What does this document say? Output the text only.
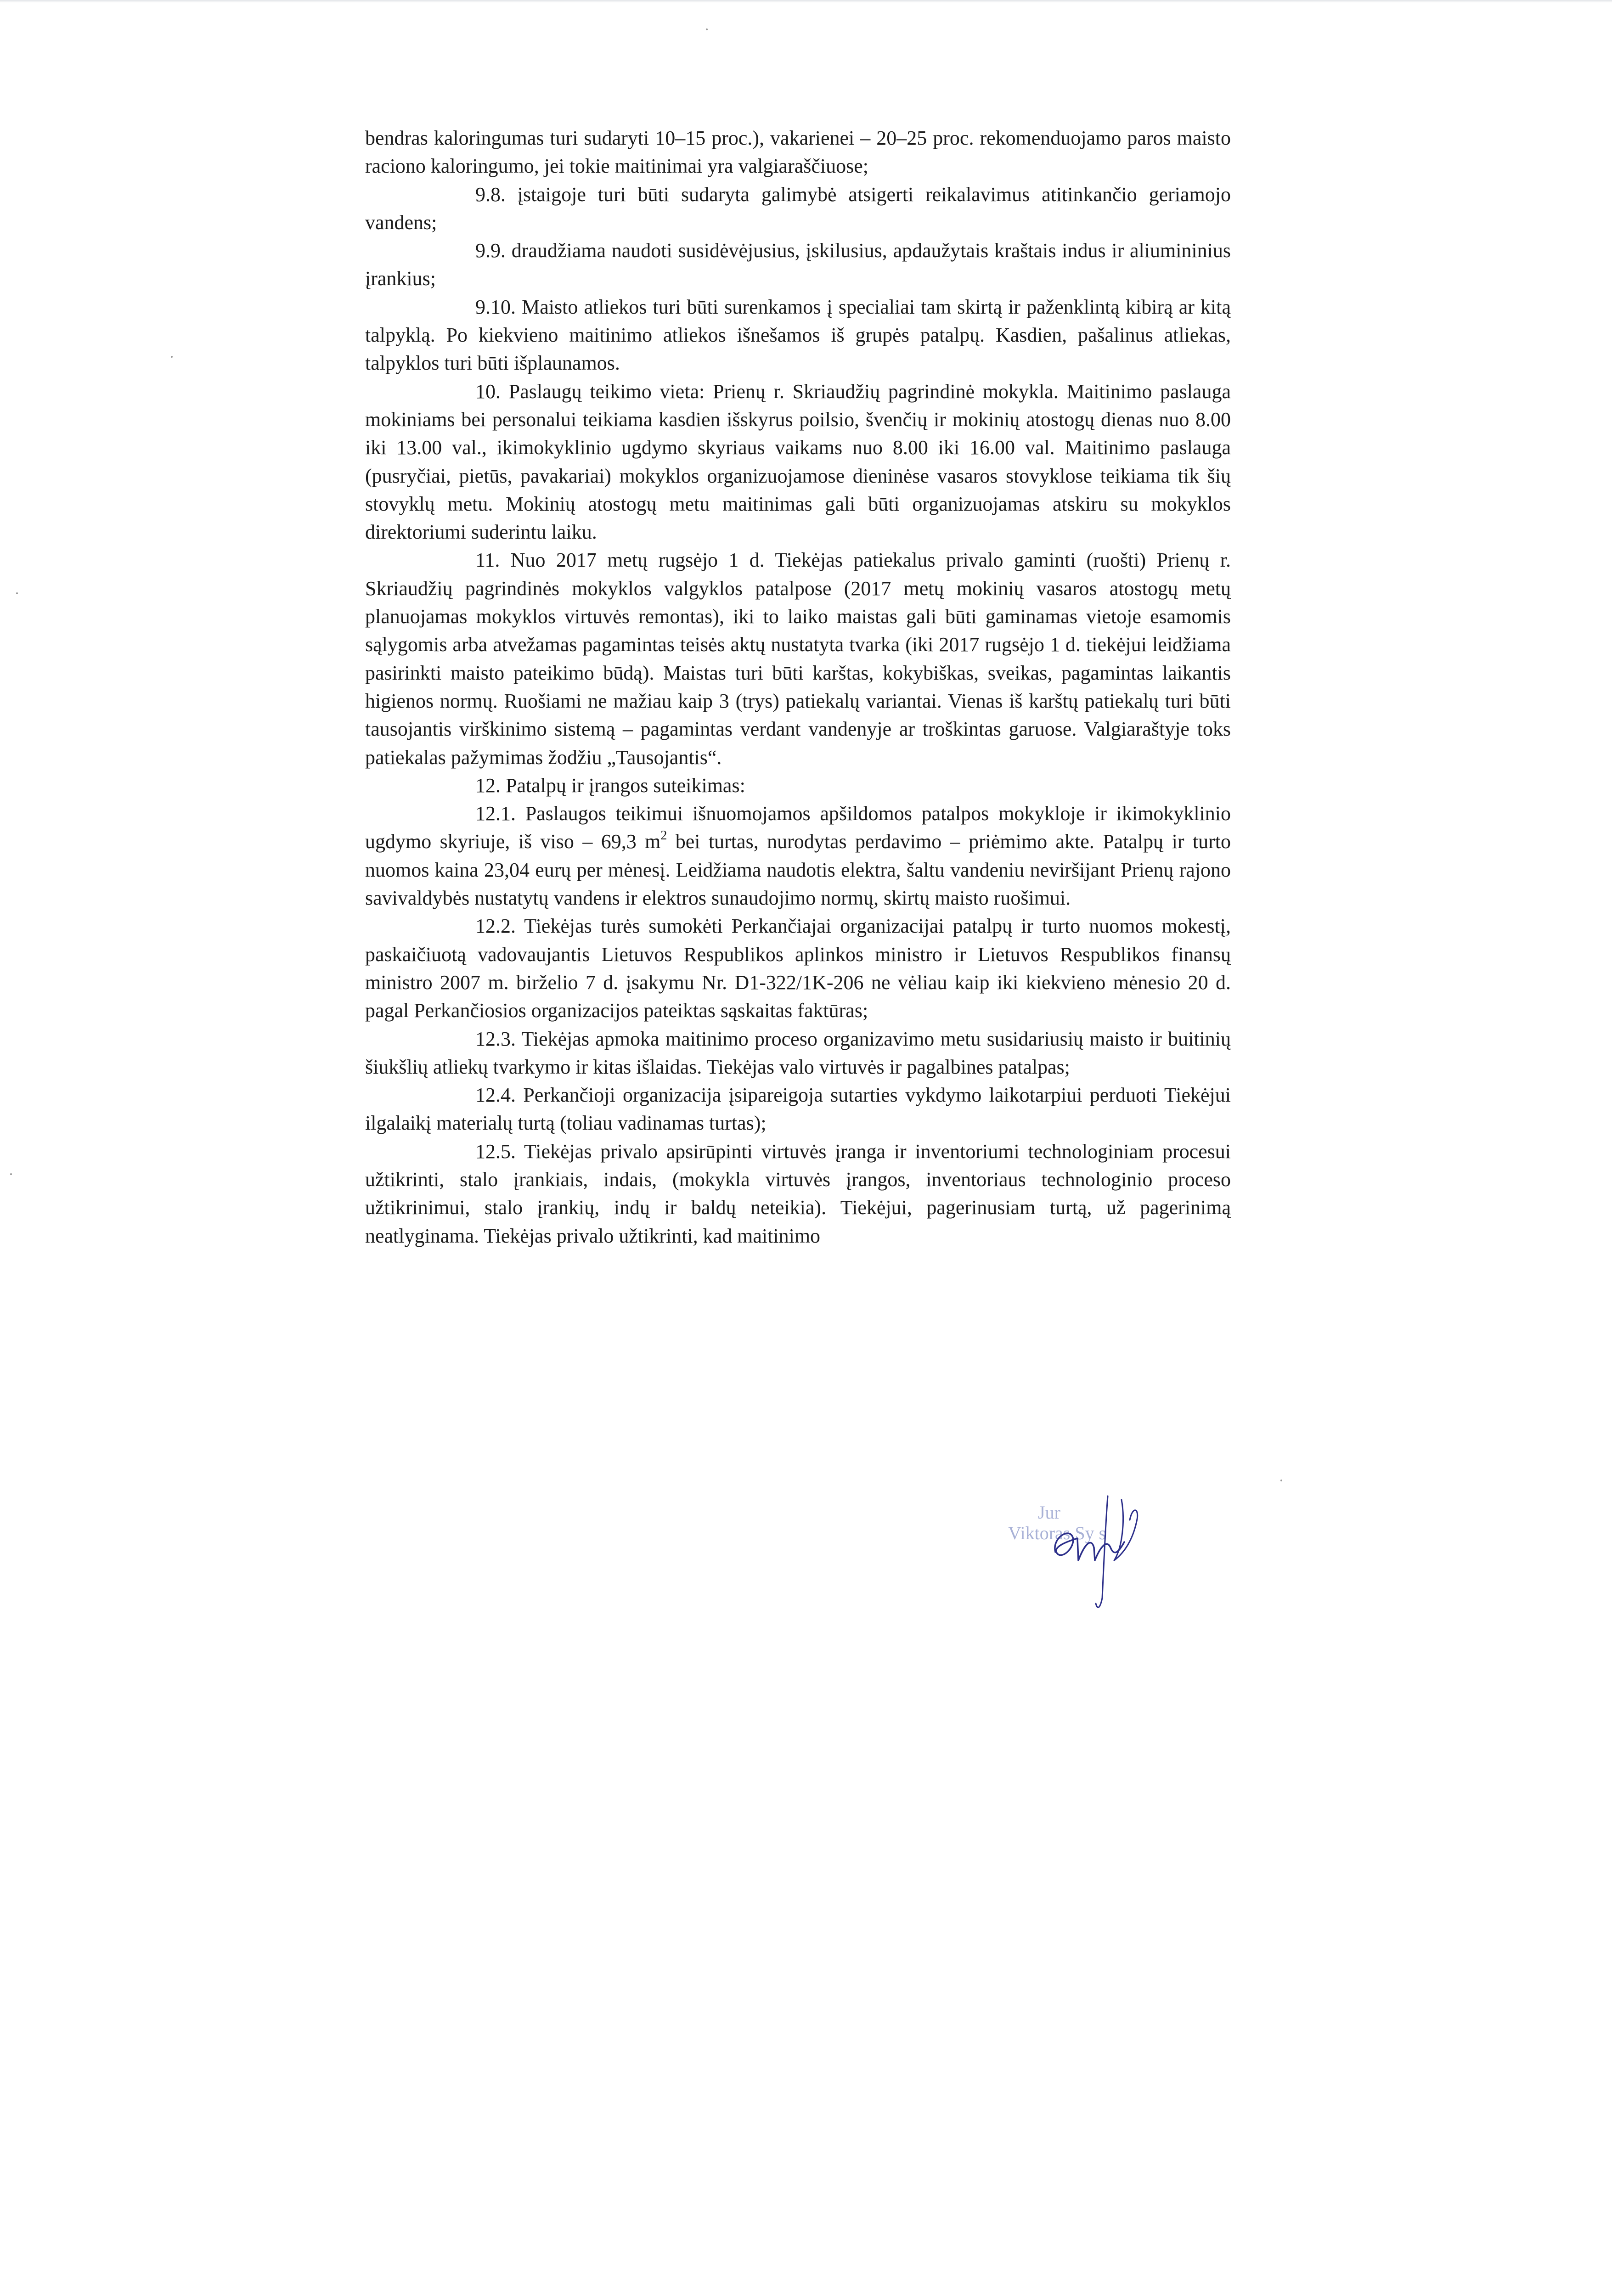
bendras kaloringumas turi sudaryti 10–15 proc.), vakarienei – 20–25 proc. rekomenduojamo paros maisto raciono kaloringumo, jei tokie maitinimai yra valgiaraščiuose;

9.8. įstaigoje turi būti sudaryta galimybė atsigerti reikalavimus atitinkančio geriamojo vandens;

9.9. draudžiama naudoti susidėvėjusius, įskilusius, apdaužytais kraštais indus ir aliumininius įrankius;

9.10. Maisto atliekos turi būti surenkamos į specialiai tam skirtą ir paženklintą kibirą ar kitą talpyklą. Po kiekvieno maitinimo atliekos išnešamos iš grupės patalpų. Kasdien, pašalinus atliekas, talpyklos turi būti išplaunamos.

10. Paslaugų teikimo vieta: Prienų r. Skriaudžių pagrindinė mokykla. Maitinimo paslauga mokiniams bei personalui teikiama kasdien išskyrus poilsio, švenčių ir mokinių atostogų dienas nuo 8.00 iki 13.00 val., ikimokyklinio ugdymo skyriaus vaikams nuo 8.00 iki 16.00 val. Maitinimo paslauga (pusryčiai, pietūs, pavakariai) mokyklos organizuojamose dieninėse vasaros stovyklose teikiama tik šių stovyklų metu. Mokinių atostogų metu maitinimas gali būti organizuojamas atskiru su mokyklos direktoriumi suderintu laiku.

11. Nuo 2017 metų rugsėjo 1 d. Tiekėjas patiekalus privalo gaminti (ruošti) Prienų r. Skriaudžių pagrindinės mokyklos valgyklos patalpose (2017 metų mokinių vasaros atostogų metų planuojamas mokyklos virtuvės remontas), iki to laiko maistas gali būti gaminamas vietoje esamomis sąlygomis arba atvežamas pagamintas teisės aktų nustatyta tvarka (iki 2017 rugsėjo 1 d. tiekėjui leidžiama pasirinkti maisto pateikimo būdą). Maistas turi būti karštas, kokybiškas, sveikas, pagamintas laikantis higienos normų. Ruošiami ne mažiau kaip 3 (trys) patiekalų variantai. Vienas iš karštų patiekalų turi būti tausojantis virškinimo sistemą – pagamintas verdant vandenyje ar troškintas garuose. Valgiaraštyje toks patiekalas pažymimas žodžiu „Tausojantis“.

12. Patalpų ir įrangos suteikimas:

12.1. Paslaugos teikimui išnuomojamos apšildomos patalpos mokykloje ir ikimokyklinio ugdymo skyriuje, iš viso – 69,3 $m^2$ bei turtas, nurodytas perdavimo – priėmimo akte. Patalpų ir turto nuomos kaina 23,04 eurų per mėnesį. Leidžiama naudotis elektra, šaltu vandeniu neviršijant Prienų rajono savivaldybės nustatytų vandens ir elektros sunaudojimo normų, skirtų maisto ruošimui.

12.2. Tiekėjas turės sumokėti Perkančiajai organizacijai patalpų ir turto nuomos mokestį, paskaičiuotą vadovaujantis Lietuvos Respublikos aplinkos ministro ir Lietuvos Respublikos finansų ministro 2007 m. birželio 7 d. įsakymu Nr. D1-322/1K-206 ne vėliau kaip iki kiekvieno mėnesio 20 d. pagal Perkančiosios organizacijos pateiktas sąskaitas faktūras;

12.3. Tiekėjas apmoka maitinimo proceso organizavimo metu susidariusių maisto ir buitinių šiukšlių atliekų tvarkymo ir kitas išlaidas. Tiekėjas valo virtuvės ir pagalbines patalpas;

12.4. Perkančioji organizacija įsipareigoja sutarties vykdymo laikotarpiui perduoti Tiekėjui ilgalaikį materialų turtą (toliau vadinamas turtas);

12.5. Tiekėjas privalo apsirūpinti virtuvės įranga ir inventoriumi technologiniam procesui užtikrinti, stalo įrankiais, indais, (mokykla virtuvės įrangos, inventoriaus technologinio proceso užtikrinimui, stalo įrankių, indų ir baldų neteikia). Tiekėjui, pagerinusiam turtą, už pagerinimą neatlyginama. Tiekėjas privalo užtikrinti, kad maitinimo

Jur
Viktoras Sy s
